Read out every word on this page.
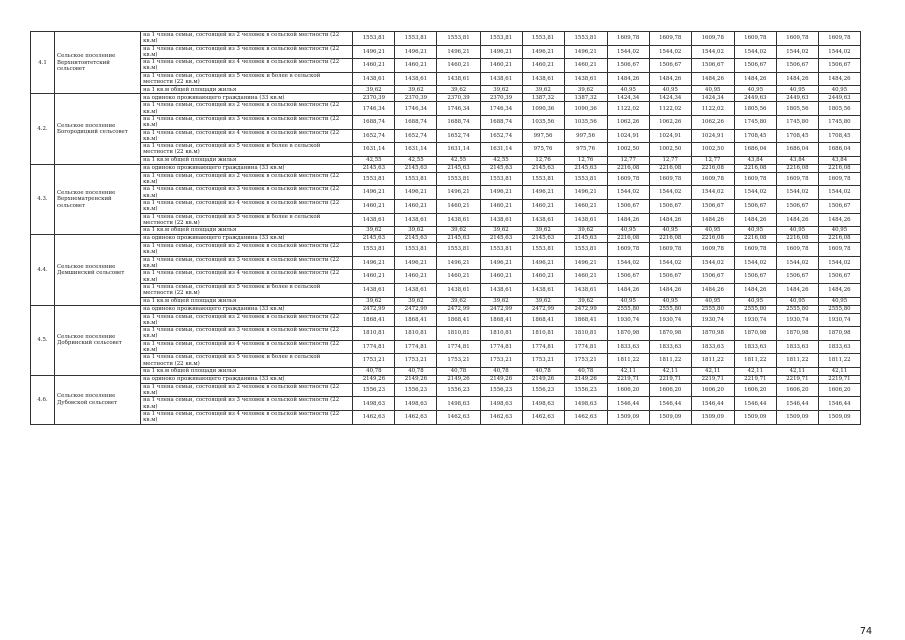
4.1	Сельское поселение Верхнитовтетский сельсовет	на 1 члена семьи, состоящей из 2 человек в сельской местности (22 кв.м)	1553,81	1553,81	1553,81	1553,81	1553,81	1553,81	1609,78	1609,78	1609,78	1609,78	1609,78	1609,78
		на 1 члена семьи, состоящей из 3 человек в сельской местности (22 кв.м)	1496,21	1496,21	1496,21	1496,21	1496,21	1496,21	1544,02	1544,02	1544,02	1544,02	1544,02	1544,02
		на 1 члена семьи, состоящей из 4 человек в сельской местности (22 кв.м)	1460,21	1460,21	1460,21	1460,21	1460,21	1460,21	1506,67	1506,67	1506,67	1506,67	1506,67	1506,67
		на 1 члена семьи, состоящей из 5 человек и более в сельской местности (22 кв.м)	1438,61	1438,61	1438,61	1438,61	1438,61	1438,61	1484,26	1484,26	1484,26	1484,26	1484,26	1484,26
		на 1 кв.м общей площади жилья	39,62	39,62	39,62	39,62	39,62	39,62	40,95	40,95	40,95	40,95	40,95	40,95
4.2.	Сельское поселение Богородицкий сельсовет	на одиноко проживающего гражданина (33 кв.м)	2370,39	2370,39	2370,39	2370,39	1387,32	1387,32	1424,34	1424,34	1424,34	2449,63	2449,63	2449,63
		на 1 члена семьи, состоящей из 2 человек в сельской местности (22 кв.м)	1746,34	1746,34	1746,34	1746,34	1090,36	1090,36	1122,02	1122,02	1122,02	1805,56	1805,56	1805,56
		на 1 члена семьи, состоящей из 3 человек в сельской местности (22 кв.м)	1688,74	1688,74	1688,74	1688,74	1035,56	1035,56	1062,26	1062,26	1062,26	1745,80	1745,80	1745,80
		на 1 члена семьи, состоящей из 4 человек в сельской местности (22 кв.м)	1652,74	1652,74	1652,74	1652,74	997,56	997,56	1024,91	1024,91	1024,91	1708,45	1708,45	1708,45
		на 1 члена семьи, состоящей из 5 человек и более в сельской местности (22 кв.м)	1631,14	1631,14	1631,14	1631,14	975,76	975,76	1002,50	1002,50	1002,50	1686,04	1686,04	1686,04
		на 1 кв.м общей площади жилья	42,55	42,55	42,55	42,55	12,76	12,76	12,77	12,77	12,77	43,84	43,84	43,84
4.3.	Сельское поселение Верхнематренский сельсовет	на одиноко проживающего гражданина (33 кв.м)	2145,63	2145,63	2145,63	2145,63	2145,63	2145,63	2216,08	2216,08	2216,08	2216,08	2216,08	2216,08
		на 1 члена семьи, состоящей из 2 человек в сельской местности (22 кв.м)	1553,81	1553,81	1553,81	1553,81	1553,81	1553,81	1609,78	1609,78	1609,78	1609,78	1609,78	1609,78
		на 1 члена семьи, состоящей из 3 человек в сельской местности (22 кв.м)	1496,21	1496,21	1496,21	1496,21	1496,21	1496,21	1544,02	1544,02	1544,02	1544,02	1544,02	1544,02
		на 1 члена семьи, состоящей из 4 человек в сельской местности (22 кв.м)	1460,21	1460,21	1460,21	1460,21	1460,21	1460,21	1506,67	1506,67	1506,67	1506,67	1506,67	1506,67
		на 1 члена семьи, состоящей из 5 человек и более в сельской местности (22 кв.м)	1438,61	1438,61	1438,61	1438,61	1438,61	1438,61	1484,26	1484,26	1484,26	1484,26	1484,26	1484,26
		на 1 кв.м общей площади жилья	39,62	39,62	39,62	39,62	39,62	39,62	40,95	40,95	40,95	40,95	40,95	40,95
4.4.	Сельское поселение Демшинский сельсовет	на одиноко проживающего гражданина (33 кв.м)	2145,63	2145,63	2145,63	2145,63	2145,63	2145,63	2216,08	2216,08	2216,08	2216,08	2216,08	2216,08
		на 1 члена семьи, состоящей из 2 человек в сельской местности (22 кв.м)	1553,81	1553,81	1553,81	1553,81	1553,81	1553,81	1609,78	1609,78	1609,78	1609,78	1609,78	1609,78
		на 1 члена семьи, состоящей из 3 человек в сельской местности (22 кв.м)	1496,21	1496,21	1496,21	1496,21	1496,21	1496,21	1544,02	1544,02	1544,02	1544,02	1544,02	1544,02
		на 1 члена семьи, состоящей из 4 человек в сельской местности (22 кв.м)	1460,21	1460,21	1460,21	1460,21	1460,21	1460,21	1506,67	1506,67	1506,67	1506,67	1506,67	1506,67
		на 1 члена семьи, состоящей из 5 человек и более в сельской местности (22 кв.м)	1438,61	1438,61	1438,61	1438,61	1438,61	1438,61	1484,26	1484,26	1484,26	1484,26	1484,26	1484,26
		на 1 кв.м общей площади жилья	39,62	39,62	39,62	39,62	39,62	39,62	40,95	40,95	40,95	40,95	40,95	40,95
4.5.	Сельское поселение Добринский сельсовет	на одиноко проживающего гражданина (33 кв.м)	2472,99	2472,99	2472,99	2472,99	2472,99	2472,99	2555,80	2555,80	2555,80	2555,80	2555,80	2555,80
		на 1 члена семьи, состоящей из 2 человек в сельской местности (22 кв.м)	1868,41	1868,41	1868,41	1868,41	1868,41	1868,41	1930,74	1930,74	1930,74	1930,74	1930,74	1930,74
		на 1 члена семьи, состоящей из 3 человек в сельской местности (22 кв.м)	1810,81	1810,81	1810,81	1810,81	1810,81	1810,81	1870,98	1870,98	1870,98	1870,98	1870,98	1870,98
		на 1 члена семьи, состоящей из 4 человек в сельской местности (22 кв.м)	1774,81	1774,81	1774,81	1774,81	1774,81	1774,81	1833,63	1833,63	1833,63	1833,63	1833,63	1833,63
		на 1 члена семьи, состоящей из 5 человек и более в сельской местности (22 кв.м)	1753,21	1753,21	1753,21	1753,21	1753,21	1753,21	1811,22	1811,22	1811,22	1811,22	1811,22	1811,22
		на 1 кв.м общей площади жилья	40,78	40,78	40,78	40,78	40,78	40,78	42,11	42,11	42,11	42,11	42,11	42,11
4.6.	Сельское поселение Дубовской сельсовет	на одиноко проживающего гражданина (33 кв.м)	2149,26	2149,26	2149,26	2149,26	2149,26	2149,26	2219,71	2219,71	2219,71	2219,71	2219,71	2219,71
		на 1 члена семьи, состоящей из 2 человек в сельской местности (22 кв.м)	1556,23	1556,23	1556,23	1556,23	1556,23	1556,23	1606,20	1606,20	1606,20	1606,20	1606,20	1606,20
		на 1 члена семьи, состоящей из 3 человек в сельской местности (22 кв.м)	1498,63	1498,63	1498,63	1498,63	1498,63	1498,63	1546,44	1546,44	1546,44	1546,44	1546,44	1546,44
		на 1 члена семьи, состоящей из 4 человек в сельской местности (22 кв.м)	1462,63	1462,63	1462,63	1462,63	1462,63	1462,63	1509,09	1509,09	1509,09	1509,09	1509,09	1509,09
74
